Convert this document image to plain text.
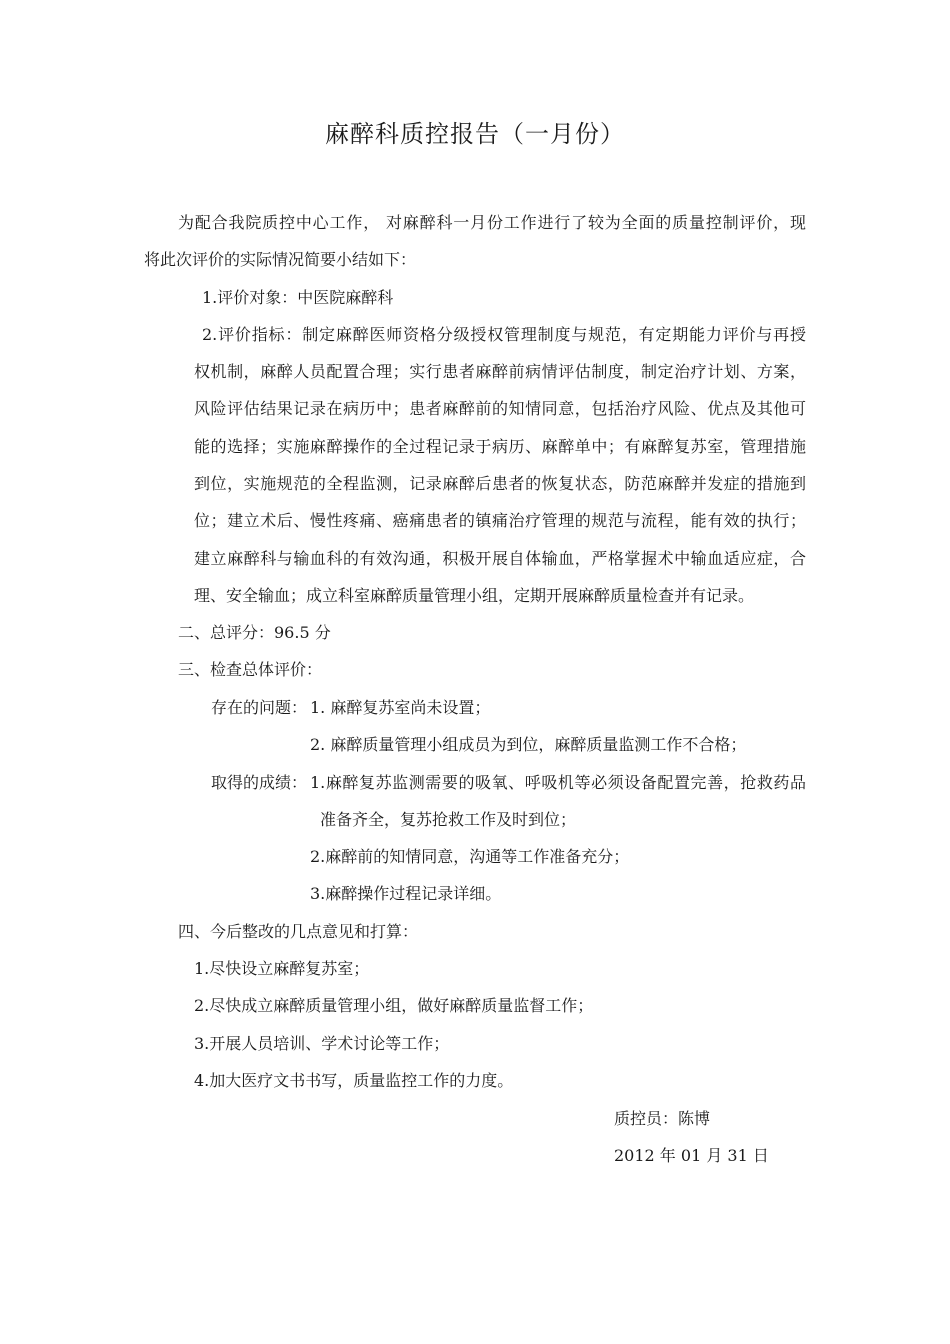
麻醉科质控报告（一月份）
为配合我院质控中心工作， 对麻醉科一月份工作进行了较为全面的质量控制评价，现
将此次评价的实际情况简要小结如下：
1.评价对象：中医院麻醉科
2.评价指标：制定麻醉医师资格分级授权管理制度与规范，有定期能力评价与再授
权机制，麻醉人员配置合理；实行患者麻醉前病情评估制度，制定治疗计划、方案，
风险评估结果记录在病历中；患者麻醉前的知情同意，包括治疗风险、优点及其他可
能的选择；实施麻醉操作的全过程记录于病历、麻醉单中；有麻醉复苏室，管理措施
到位，实施规范的全程监测，记录麻醉后患者的恢复状态，防范麻醉并发症的措施到
位；建立术后、慢性疼痛、癌痛患者的镇痛治疗管理的规范与流程，能有效的执行；
建立麻醉科与输血科的有效沟通，积极开展自体输血，严格掌握术中输血适应症，合
理、安全输血；成立科室麻醉质量管理小组，定期开展麻醉质量检查并有记录。
二、总评分：96.5 分
三、检查总体评价：
存在的问题： 1. 麻醉复苏室尚未设置；
2. 麻醉质量管理小组成员为到位，麻醉质量监测工作不合格；
取得的成绩： 1.麻醉复苏监测需要的吸氧、呼吸机等必须设备配置完善，抢救药品
准备齐全，复苏抢救工作及时到位；
2.麻醉前的知情同意，沟通等工作准备充分；
3.麻醉操作过程记录详细。
四、今后整改的几点意见和打算：
1.尽快设立麻醉复苏室；
2.尽快成立麻醉质量管理小组，做好麻醉质量监督工作；
3.开展人员培训、学术讨论等工作；
4.加大医疗文书书写，质量监控工作的力度。
质控员：陈博
2012 年 01 月 31 日
